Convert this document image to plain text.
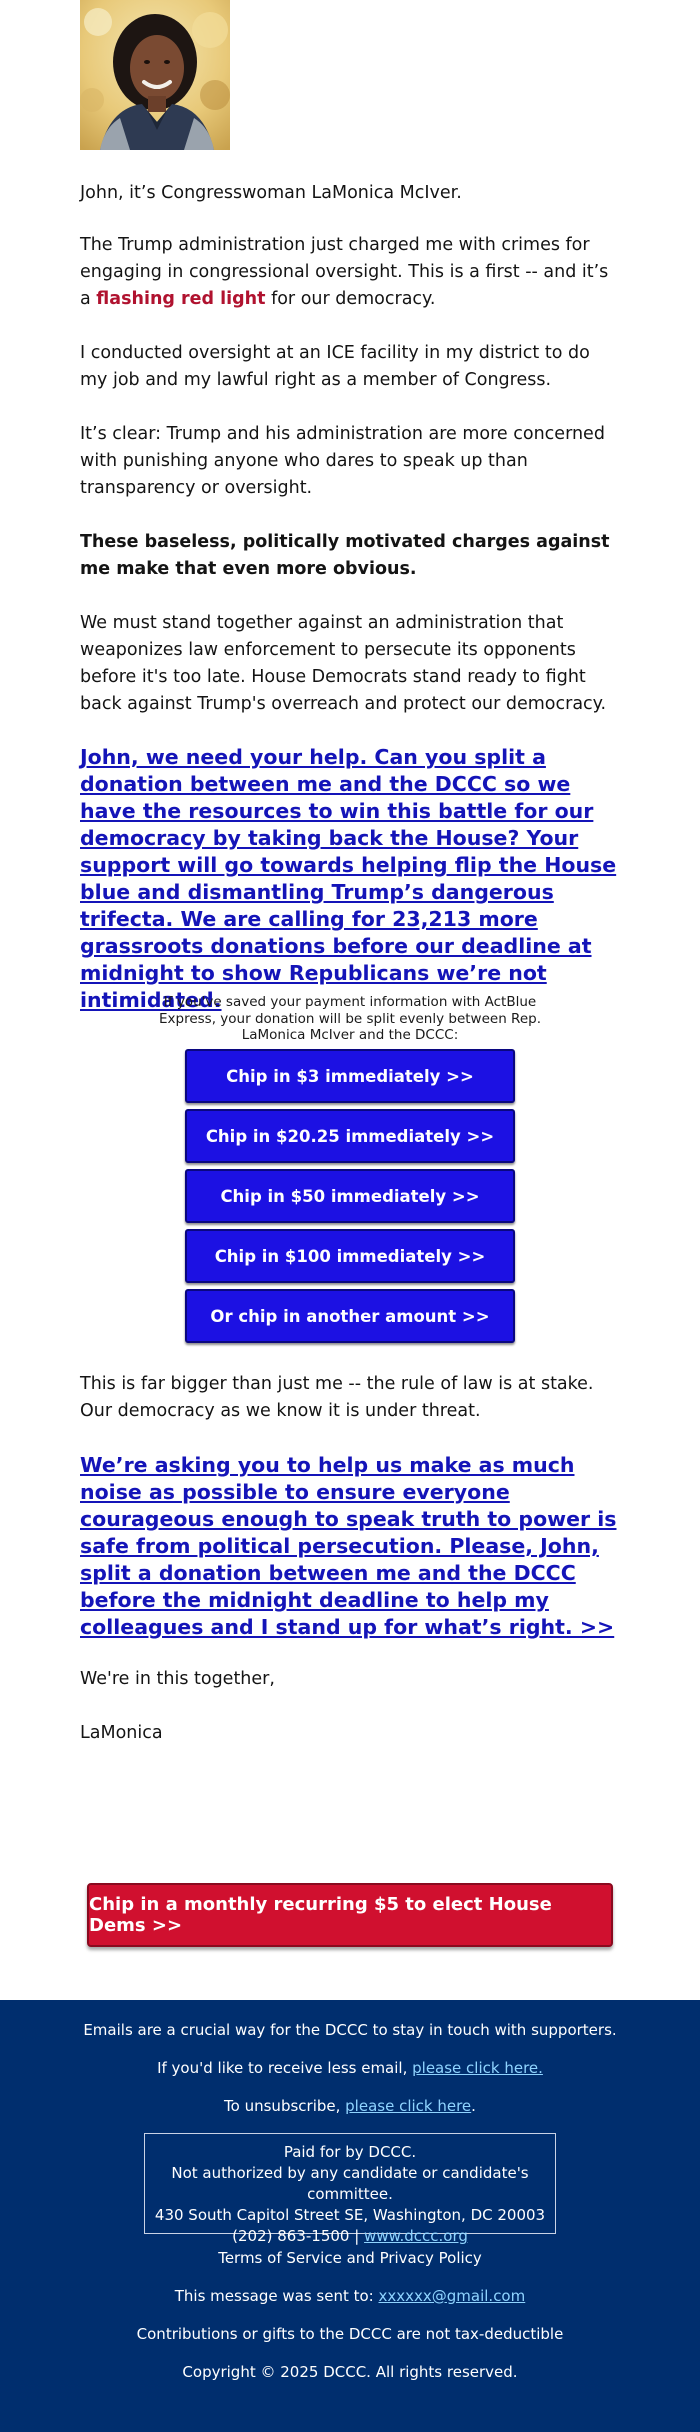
John, it’s Congresswoman LaMonica McIver.
The Trump administration just charged me with crimes for engaging in congressional oversight. This is a first -- and it’s a flashing red light for our democracy.
I conducted oversight at an ICE facility in my district to do my job and my lawful right as a member of Congress.
It’s clear: Trump and his administration are more concerned with punishing anyone who dares to speak up than transparency or oversight.
These baseless, politically motivated charges against me make that even more obvious.
We must stand together against an administration that weaponizes law enforcement to persecute its opponents before it's too late. House Democrats stand ready to fight back against Trump's overreach and protect our democracy.
John, we need your help. Can you split a donation between me and the DCCC so we have the resources to win this battle for our democracy by taking back the House? Your support will go towards helping flip the House blue and dismantling Trump’s dangerous trifecta. We are calling for 23,213 more grassroots donations before our deadline at midnight to show Republicans we’re not intimidated.
If you've saved your payment information with ActBlue Express, your donation will be split evenly between Rep. LaMonica McIver and the DCCC:
Chip in $3 immediately >>
Chip in $20.25 immediately >>
Chip in $50 immediately >>
Chip in $100 immediately >>
Or chip in another amount >>
This is far bigger than just me -- the rule of law is at stake.
Our democracy as we know it is under threat.
We’re asking you to help us make as much noise as possible to ensure everyone courageous enough to speak truth to power is safe from political persecution. Please, John, split a donation between me and the DCCC before the midnight deadline to help my colleagues and I stand up for what’s right. >>
We're in this together,
LaMonica
Chip in a monthly recurring $5 to elect House Dems >>
Emails are a crucial way for the DCCC to stay in touch with supporters.
If you'd like to receive less email, please click here.
To unsubscribe, please click here.
Paid for by DCCC.
Not authorized by any candidate or candidate's committee.
430 South Capitol Street SE, Washington, DC 20003
(202) 863-1500 | www.dccc.org
Terms of Service and Privacy Policy
This message was sent to: xxxxxx@gmail.com
Contributions or gifts to the DCCC are not tax-deductible
Copyright © 2025 DCCC. All rights reserved.
